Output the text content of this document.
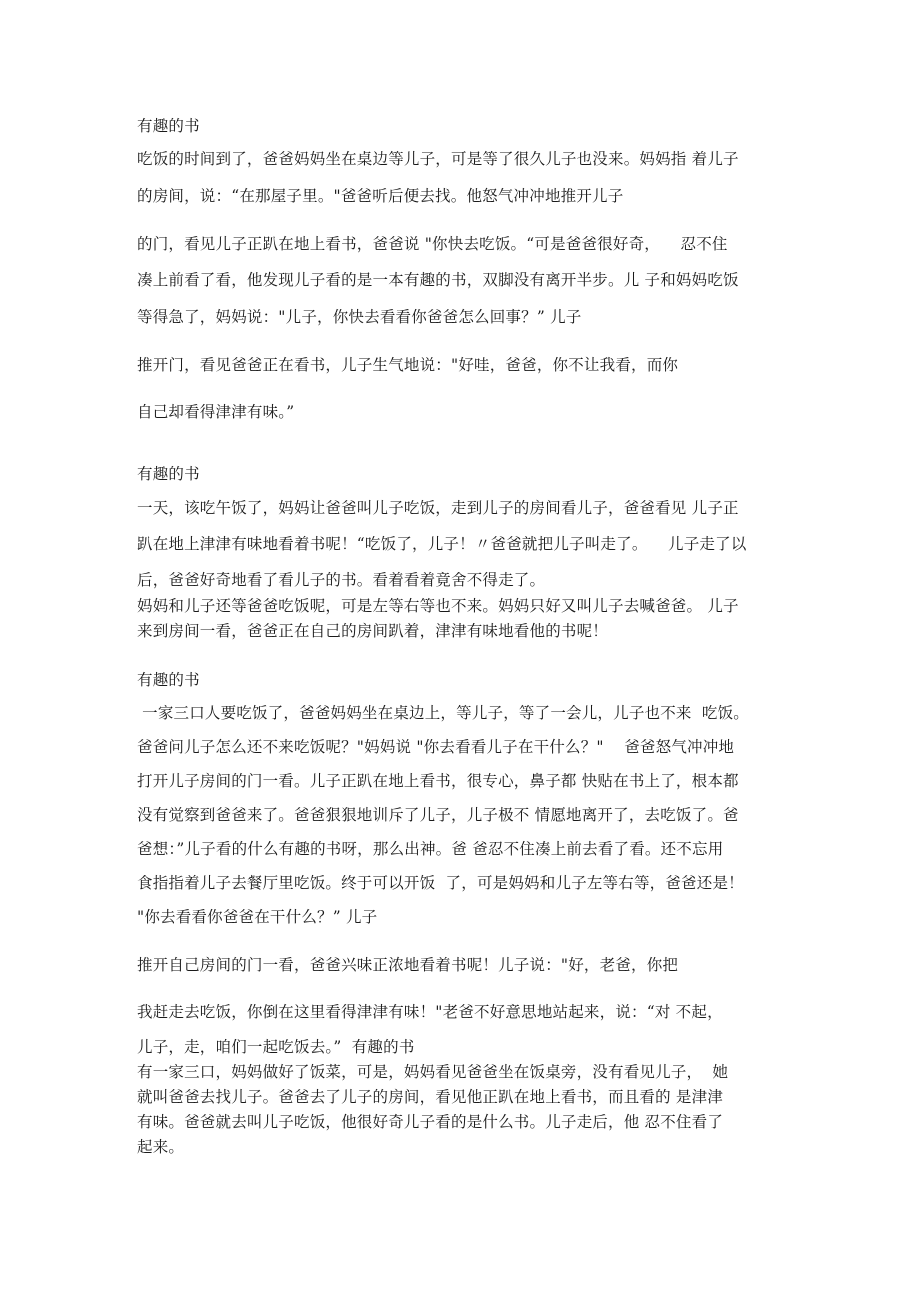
有趣的书
吃饭的时间到了，爸爸妈妈坐在桌边等儿子，可是等了很久儿子也没来。妈妈指 着儿子
的房间，说：“在那屋子里。"爸爸听后便去找。他怒气冲冲地推开儿子
的门，看见儿子正趴在地上看书，爸爸说 "你快去吃饭。“可是爸爸很好奇，    忍不住
凑上前看了看，他发现儿子看的是一本有趣的书，双脚没有离开半步。儿 子和妈妈吃饭
等得急了，妈妈说："儿子，你快去看看你爸爸怎么回事？” 儿子
推开门，看见爸爸正在看书，儿子生气地说："好哇，爸爸，你不让我看，而你
自己却看得津津有味。”
有趣的书
一天，该吃午饭了，妈妈让爸爸叫儿子吃饭，走到儿子的房间看儿子，爸爸看见 儿子正
趴在地上津津有味地看着书呢！“吃饭了，儿子！〃爸爸就把儿子叫走了。    儿子走了以
后，爸爸好奇地看了看儿子的书。看着看着竟舍不得走了。
妈妈和儿子还等爸爸吃饭呢，可是左等右等也不来。妈妈只好又叫儿子去喊爸爸。 儿子
来到房间一看，爸爸正在自己的房间趴着，津津有味地看他的书呢！
有趣的书
一家三口人要吃饭了，爸爸妈妈坐在桌边上，等儿子，等了一会儿，儿子也不来  吃饭。
爸爸问儿子怎么还不来吃饭呢？"妈妈说 "你去看看儿子在干什么？"    爸爸怒气冲冲地
打开儿子房间的门一看。儿子正趴在地上看书，很专心，鼻子都 快贴在书上了，根本都
没有觉察到爸爸来了。爸爸狠狠地训斥了儿子，儿子极不 情愿地离开了，去吃饭了。爸
爸想：”儿子看的什么有趣的书呀，那么出神。爸 爸忍不住凑上前去看了看。还不忘用
食指指着儿子去餐厅里吃饭。终于可以开饭  了，可是妈妈和儿子左等右等，爸爸还是！
"你去看看你爸爸在干什么？” 儿子
推开自己房间的门一看，爸爸兴味正浓地看着书呢！儿子说："好，老爸，你把
我赶走去吃饭，你倒在这里看得津津有味！"老爸不好意思地站起来，说：“对 不起，
儿子，走，咱们一起吃饭去。”  有趣的书
有一家三口，妈妈做好了饭菜，可是，妈妈看见爸爸坐在饭桌旁，没有看见儿子，  她
就叫爸爸去找儿子。爸爸去了儿子的房间，看见他正趴在地上看书，而且看的 是津津
有味。爸爸就去叫儿子吃饭，他很好奇儿子看的是什么书。儿子走后，他 忍不住看了
起来。
